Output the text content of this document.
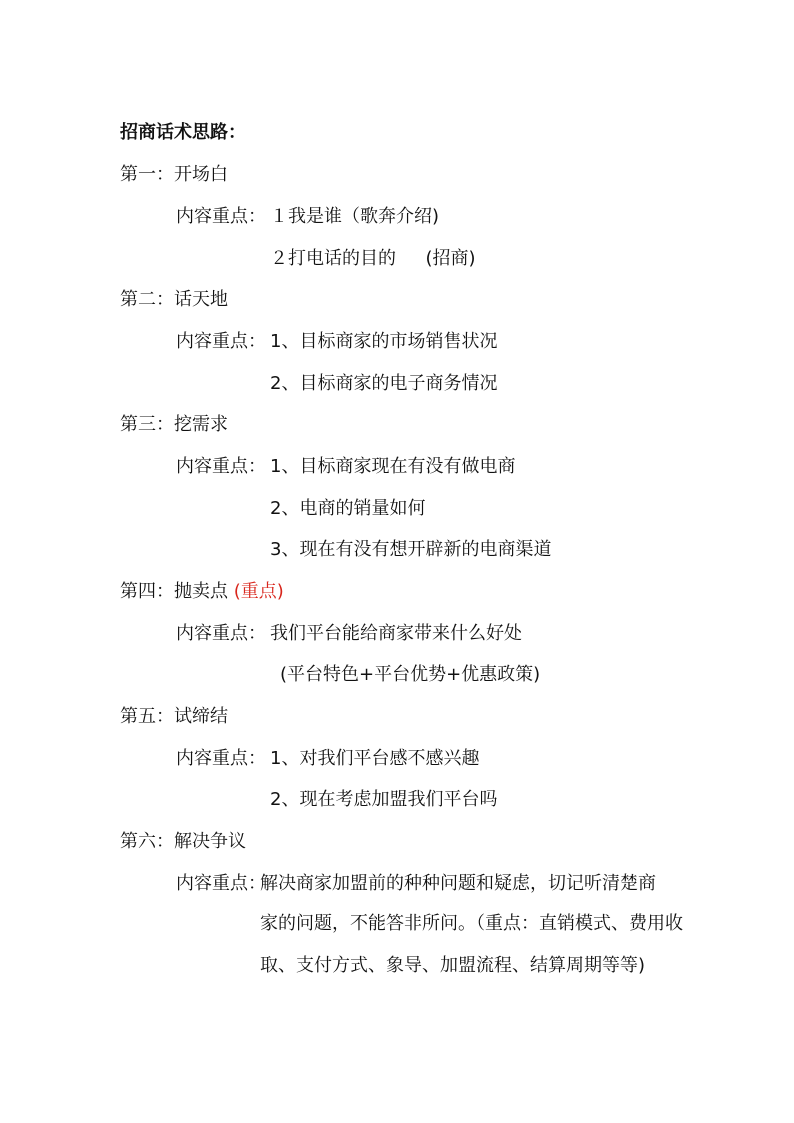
招商话术思路：
第一：开场白
内容重点： １我是谁（歌奔介绍)
２打电话的目的 　 (招商)
第二：话天地
内容重点： 1、目标商家的市场销售状况
2、目标商家的电子商务情况
第三：挖需求
内容重点： 1、目标商家现在有没有做电商
2、电商的销量如何
3、现在有没有想开辟新的电商渠道
第四：抛卖点 (重点)
内容重点： 我们平台能给商家带来什么好处
(平台特色+平台优势+优惠政策)
第五：试缔结
内容重点： 1、对我们平台感不感兴趣
2、现在考虑加盟我们平台吗
第六：解决争议
内容重点：
解决商家加盟前的种种问题和疑虑，切记听清楚商
家的问题，不能答非所问。（重点：直销模式、费用收取、支付方式、象导、加盟流程、结算周期等等)
